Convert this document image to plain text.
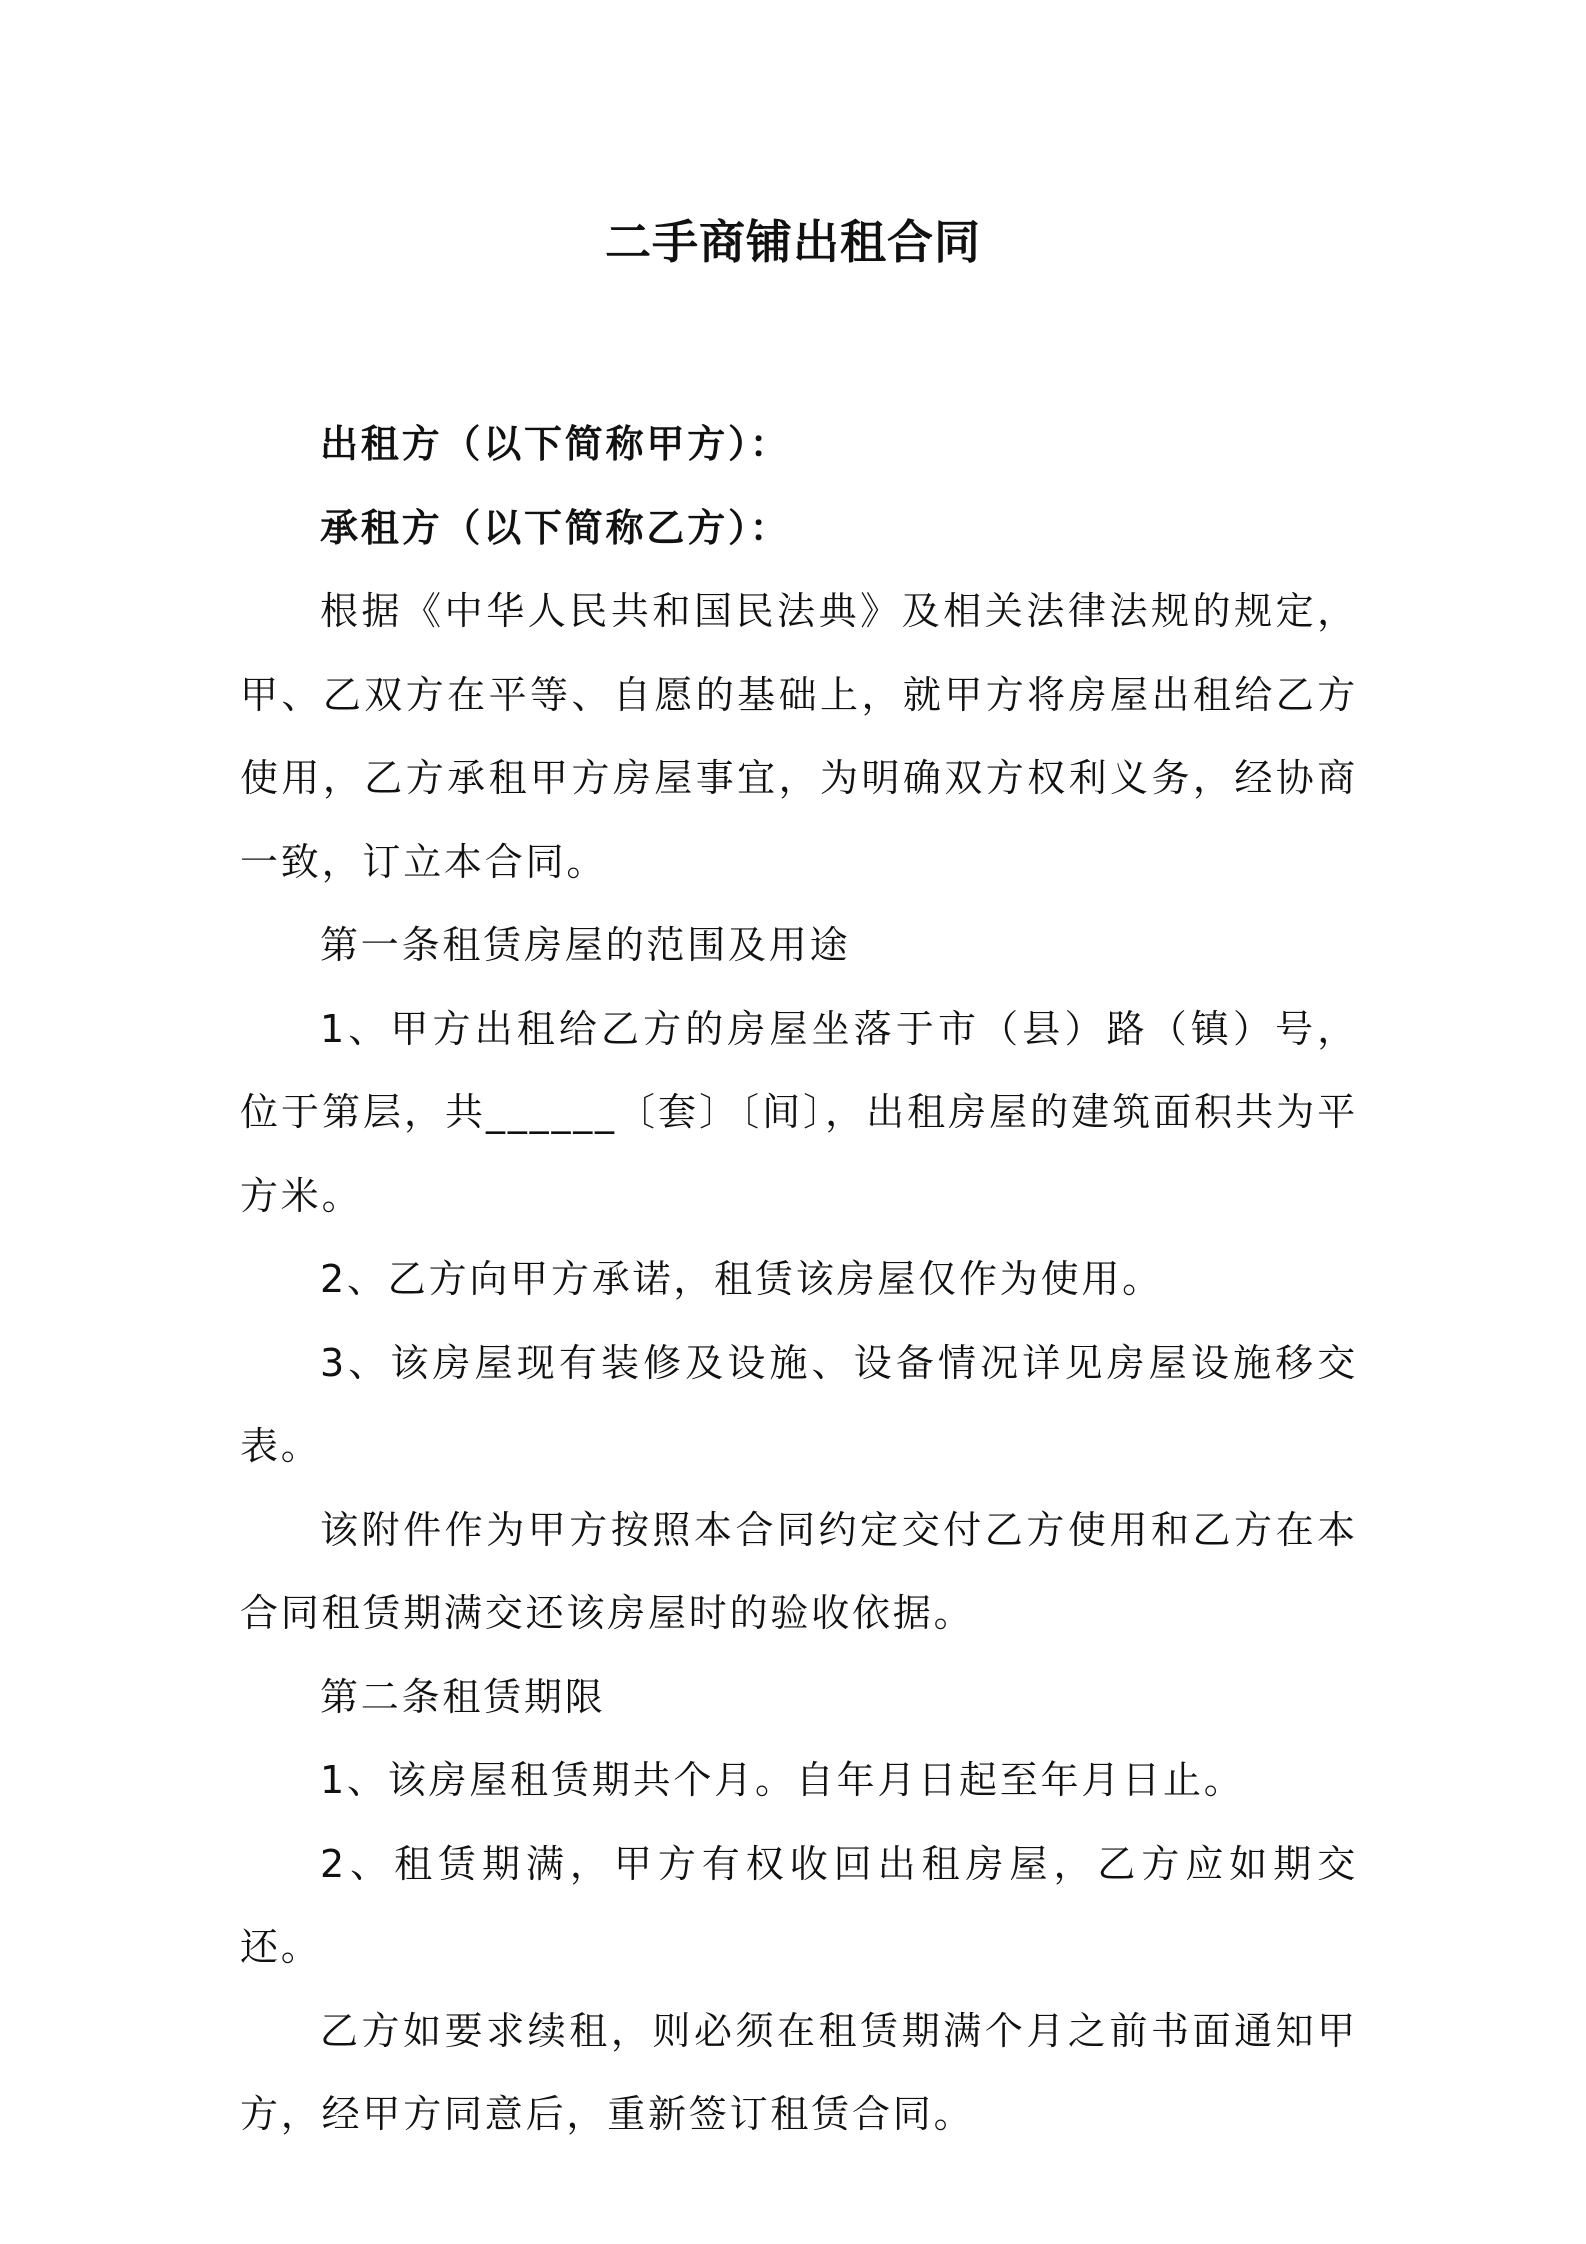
二手商铺出租合同

出租方（以下简称甲方）：

承租方（以下简称乙方）：

根据《中华人民共和国民法典》及相关法律法规的规定，甲、乙双方在平等、自愿的基础上，就甲方将房屋出租给乙方使用，乙方承租甲方房屋事宜，为明确双方权利义务，经协商一致，订立本合同。

第一条租赁房屋的范围及用途

1、甲方出租给乙方的房屋坐落于市（县）路（镇）号，位于第层，共______〔套〕〔间〕，出租房屋的建筑面积共为平方米。

2、乙方向甲方承诺，租赁该房屋仅作为使用。

3、该房屋现有装修及设施、设备情况详见房屋设施移交表。

该附件作为甲方按照本合同约定交付乙方使用和乙方在本合同租赁期满交还该房屋时的验收依据。

第二条租赁期限

1、该房屋租赁期共个月。自年月日起至年月日止。

2、租赁期满，甲方有权收回出租房屋，乙方应如期交还。

乙方如要求续租，则必须在租赁期满个月之前书面通知甲方，经甲方同意后，重新签订租赁合同。
